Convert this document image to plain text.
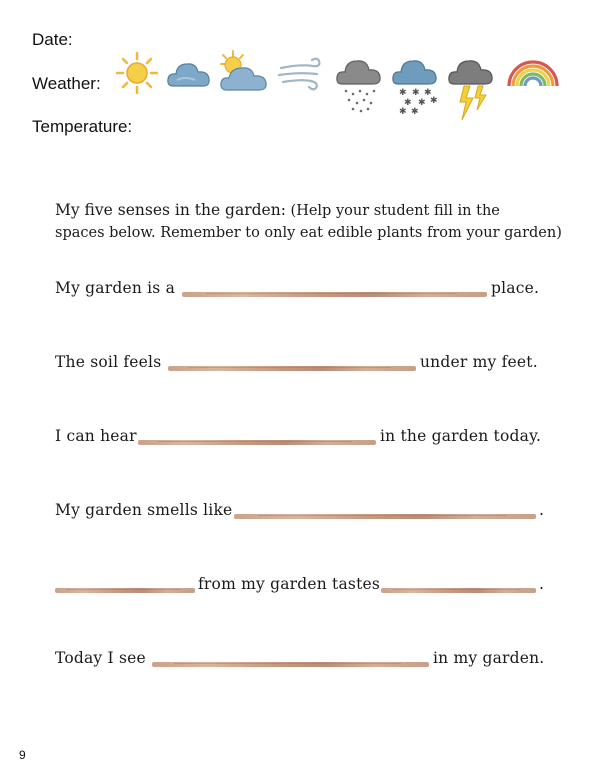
Date:
Weather:
Temperature:
✱ ✱ ✱
✱ ✱ ✱
✱ ✱
My five senses in the garden: (Help your student fill in the
spaces below. Remember to only eat edible plants from your garden)
My garden is a	place.
The soil feels	under my feet.
I can hear	in the garden today.
My garden smells like	.
from my garden tastes	.
Today I see	in my garden.
9
